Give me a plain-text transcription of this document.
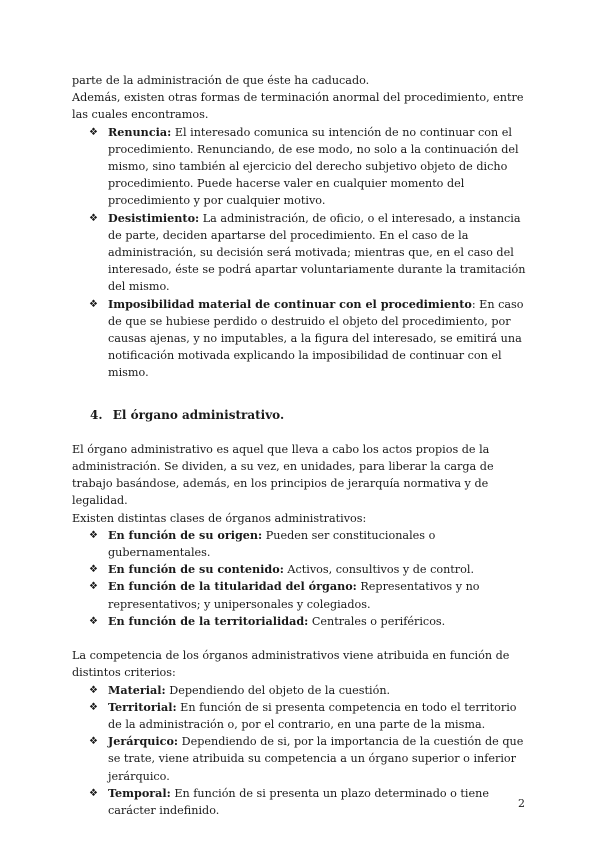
parte de la administración de que éste ha caducado.

Además, existen otras formas de terminación anormal del procedimiento, entre las cuales encontramos.

❖ Renuncia: El interesado comunica su intención de no continuar con el procedimiento. Renunciando, de ese modo, no solo a la continuación del mismo, sino también al ejercicio del derecho subjetivo objeto de dicho procedimiento. Puede hacerse valer en cualquier momento del procedimiento y por cualquier motivo.
❖ Desistimiento: La administración, de oficio, o el interesado, a instancia de parte, deciden apartarse del procedimiento. En el caso de la administración, su decisión será motivada; mientras que, en el caso del interesado, éste se podrá apartar voluntariamente durante la tramitación del mismo.
❖ Imposibilidad material de continuar con el procedimiento: En caso de que se hubiese perdido o destruido el objeto del procedimiento, por causas ajenas, y no imputables, a la figura del interesado, se emitirá una notificación motivada explicando la imposibilidad de continuar con el mismo.
4. El órgano administrativo.

El órgano administrativo es aquel que lleva a cabo los actos propios de la administración. Se dividen, a su vez, en unidades, para liberar la carga de trabajo basándose, además, en los principios de jerarquía normativa y de legalidad.

Existen distintas clases de órganos administrativos:

❖ En función de su origen: Pueden ser constitucionales o gubernamentales.
❖ En función de su contenido: Activos, consultivos y de control.
❖ En función de la titularidad del órgano: Representativos y no representativos; y unipersonales y colegiados.
❖ En función de la territorialidad: Centrales o periféricos.

La competencia de los órganos administrativos viene atribuida en función de distintos criterios:

❖ Material: Dependiendo del objeto de la cuestión.
❖ Territorial: En función de si presenta competencia en todo el territorio de la administración o, por el contrario, en una parte de la misma.
❖ Jerárquico: Dependiendo de si, por la importancia de la cuestión de que se trate, viene atribuida su competencia a un órgano superior o inferior jerárquico.
❖ Temporal: En función de si presenta un plazo determinado o tiene carácter indefinido.
2
